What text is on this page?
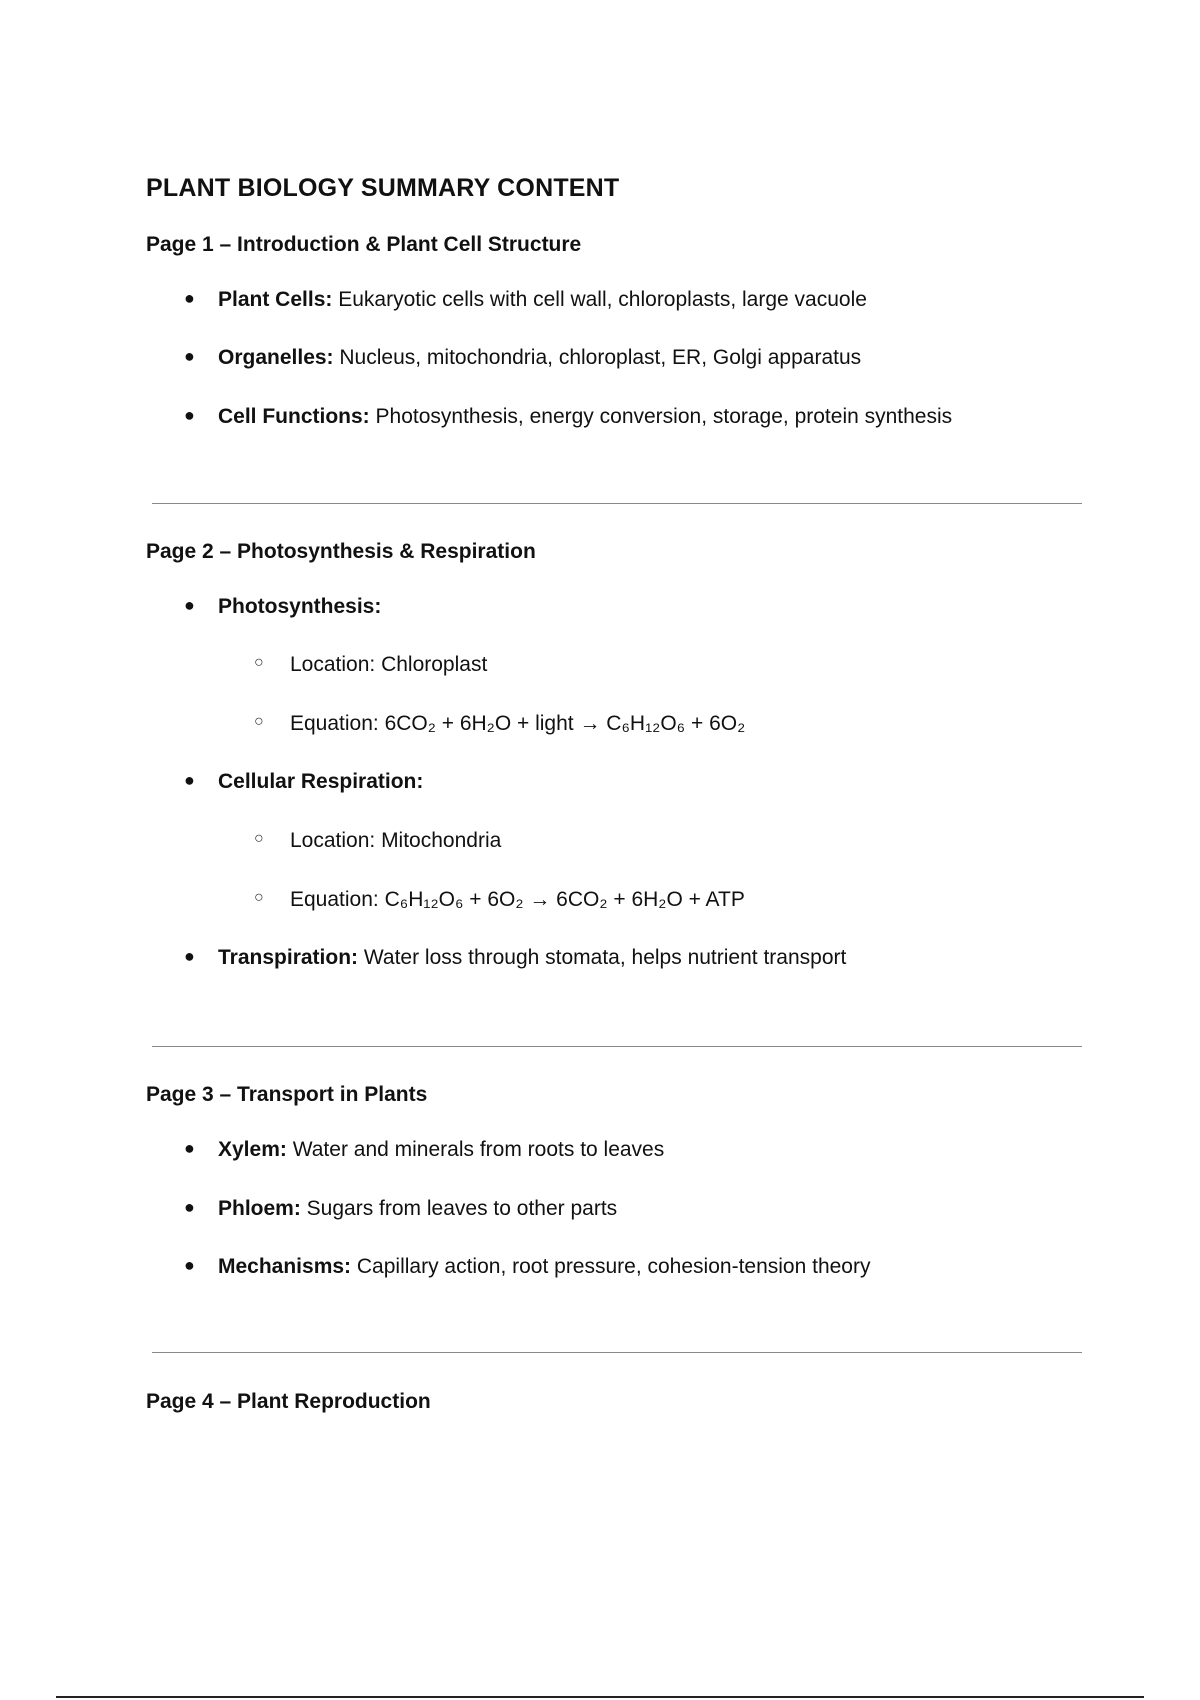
PLANT BIOLOGY SUMMARY CONTENT
Page 1 – Introduction & Plant Cell Structure
● Plant Cells: Eukaryotic cells with cell wall, chloroplasts, large vacuole
● Organelles: Nucleus, mitochondria, chloroplast, ER, Golgi apparatus
● Cell Functions: Photosynthesis, energy conversion, storage, protein synthesis
Page 2 – Photosynthesis & Respiration
● Photosynthesis:
○ Location: Chloroplast
○ Equation: 6CO₂ + 6H₂O + light → C₆H₁₂O₆ + 6O₂
● Cellular Respiration:
○ Location: Mitochondria
○ Equation: C₆H₁₂O₆ + 6O₂ → 6CO₂ + 6H₂O + ATP
● Transpiration: Water loss through stomata, helps nutrient transport
Page 3 – Transport in Plants
● Xylem: Water and minerals from roots to leaves
● Phloem: Sugars from leaves to other parts
● Mechanisms: Capillary action, root pressure, cohesion-tension theory
Page 4 – Plant Reproduction
